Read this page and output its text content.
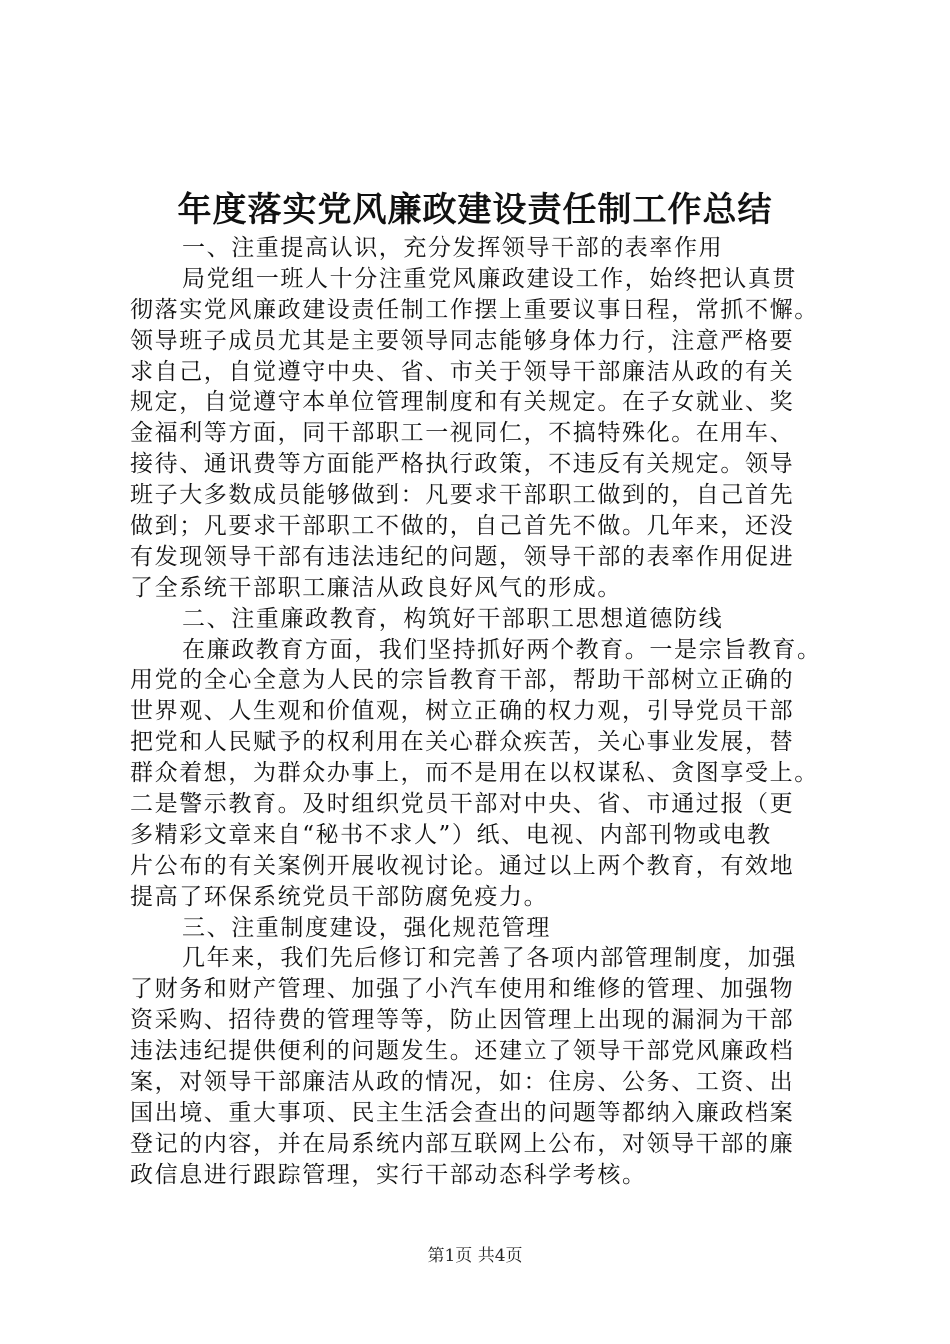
年度落实党风廉政建设责任制工作总结
一、注重提高认识，充分发挥领导干部的表率作用
局党组一班人十分注重党风廉政建设工作，始终把认真贯
彻落实党风廉政建设责任制工作摆上重要议事日程，常抓不懈。
领导班子成员尤其是主要领导同志能够身体力行，注意严格要
求自己，自觉遵守中央、省、市关于领导干部廉洁从政的有关
规定，自觉遵守本单位管理制度和有关规定。在子女就业、奖
金福利等方面，同干部职工一视同仁，不搞特殊化。在用车、
接待、通讯费等方面能严格执行政策，不违反有关规定。领导
班子大多数成员能够做到：凡要求干部职工做到的，自己首先
做到；凡要求干部职工不做的，自己首先不做。几年来，还没
有发现领导干部有违法违纪的问题，领导干部的表率作用促进
了全系统干部职工廉洁从政良好风气的形成。
二、注重廉政教育，构筑好干部职工思想道德防线
在廉政教育方面，我们坚持抓好两个教育。一是宗旨教育。
用党的全心全意为人民的宗旨教育干部，帮助干部树立正确的
世界观、人生观和价值观，树立正确的权力观，引导党员干部
把党和人民赋予的权利用在关心群众疾苦，关心事业发展，替
群众着想，为群众办事上，而不是用在以权谋私、贪图享受上。
二是警示教育。及时组织党员干部对中央、省、市通过报（更
多精彩文章来自“秘书不求人”）纸、电视、内部刊物或电教
片公布的有关案例开展收视讨论。通过以上两个教育，有效地
提高了环保系统党员干部防腐免疫力。
三、注重制度建设，强化规范管理
几年来，我们先后修订和完善了各项内部管理制度，加强
了财务和财产管理、加强了小汽车使用和维修的管理、加强物
资采购、招待费的管理等等，防止因管理上出现的漏洞为干部
违法违纪提供便利的问题发生。还建立了领导干部党风廉政档
案，对领导干部廉洁从政的情况，如：住房、公务、工资、出
国出境、重大事项、民主生活会查出的问题等都纳入廉政档案
登记的内容，并在局系统内部互联网上公布，对领导干部的廉
政信息进行跟踪管理，实行干部动态科学考核。
第1页 共4页
